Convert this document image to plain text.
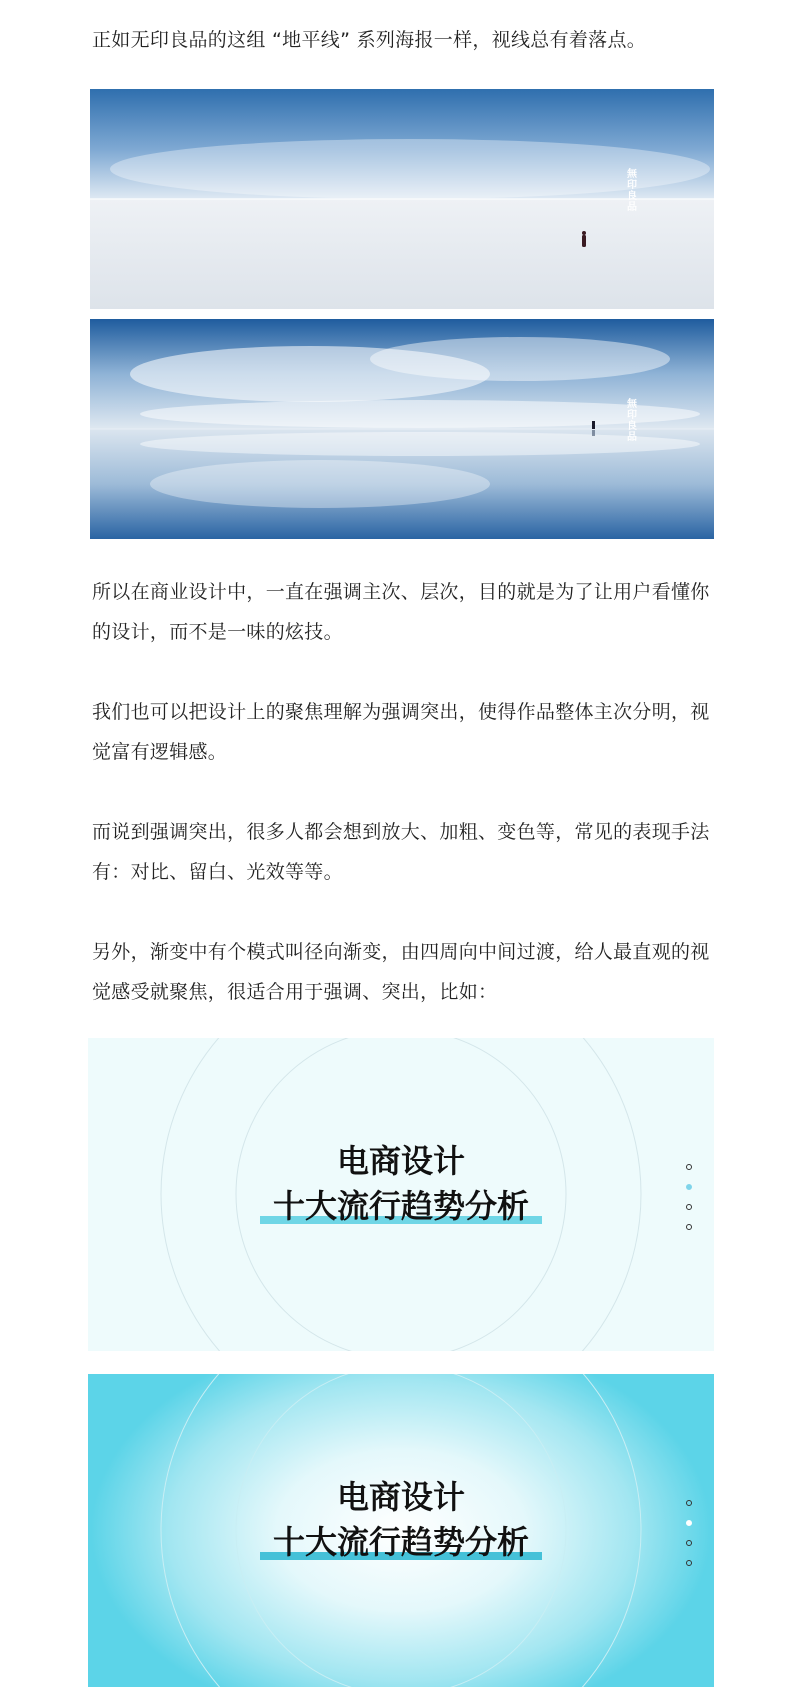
正如无印良品的这组 “地平线” 系列海报一样，视线总有着落点。

無印良品
無印良品

所以在商业设计中，一直在强调主次、层次，目的就是为了让用户看懂你的设计，而不是一味的炫技。

我们也可以把设计上的聚焦理解为强调突出，使得作品整体主次分明，视觉富有逻辑感。

而说到强调突出，很多人都会想到放大、加粗、变色等，常见的表现手法有：对比、留白、光效等等。

另外，渐变中有个模式叫径向渐变，由四周向中间过渡，给人最直观的视觉感受就聚焦，很适合用于强调、突出，比如：

电商设计
十大流行趋势分析
电商设计
十大流行趋势分析
